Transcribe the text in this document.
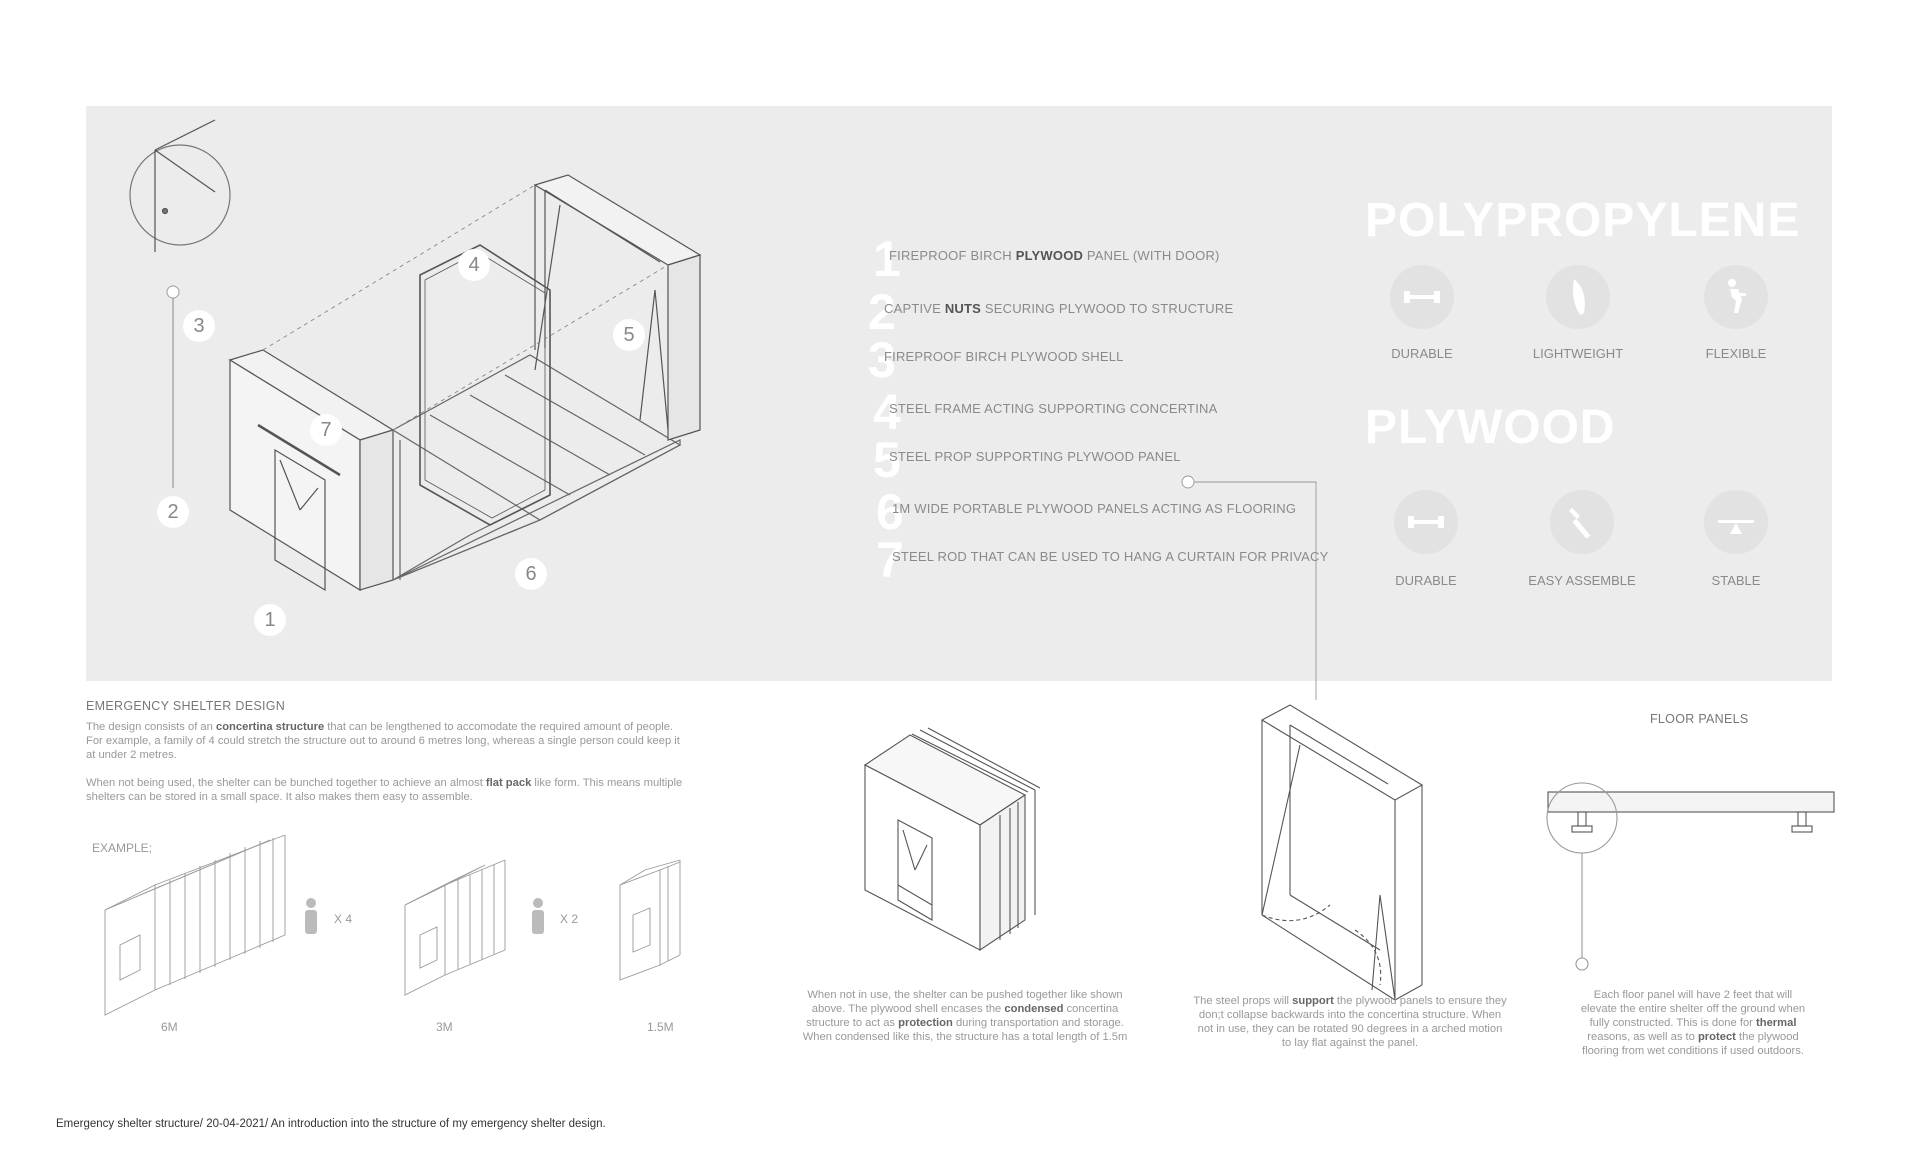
1
2
3
4
5
6
7
1
FIREPROOF BIRCH PLYWOOD PANEL (WITH DOOR)
2
CAPTIVE NUTS SECURING PLYWOOD TO STRUCTURE
3
FIREPROOF BIRCH PLYWOOD SHELL
4
STEEL FRAME ACTING SUPPORTING CONCERTINA
5
STEEL PROP SUPPORTING PLYWOOD PANEL
6
1M WIDE PORTABLE PLYWOOD PANELS ACTING AS FLOORING
7
STEEL ROD THAT CAN BE USED TO HANG A CURTAIN FOR PRIVACY
POLYPROPYLENE
PLYWOOD
DURABLE	LIGHTWEIGHT	FLEXIBLE
DURABLE	EASY ASSEMBLE	STABLE
EMERGENCY SHELTER DESIGN
The design consists of an concertina structure that can be lengthened to accomodate the required amount of people.
For example, a family of 4 could stretch the structure out to around 6 metres long, whereas a single person could keep it
at under 2 metres.
When not being used, the shelter can be bunched together to achieve an almost flat pack like form. This means multiple
shelters can be stored in a small space. It also makes them easy to assemble.
EXAMPLE;
X 4	X 2
6M	3M	1.5M
When not in use, the shelter can be pushed together like shown
above. The plywood shell encases the condensed concertina
structure to act as protection during transportation and storage.
When condensed like this, the structure has a total length of 1.5m
The steel props will support the plywood panels to ensure they
don;t collapse backwards into the concertina structure. When
not in use, they can be rotated 90 degrees in a arched motion
to lay flat against the panel.
FLOOR PANELS
Each floor panel will have 2 feet that will
elevate the entire shelter off the ground when
fully constructed. This is done for thermal
reasons, as well as to protect the plywood
flooring from wet conditions if used outdoors.
Emergency shelter structure/ 20-04-2021/ An introduction into the structure of my emergency shelter design.
